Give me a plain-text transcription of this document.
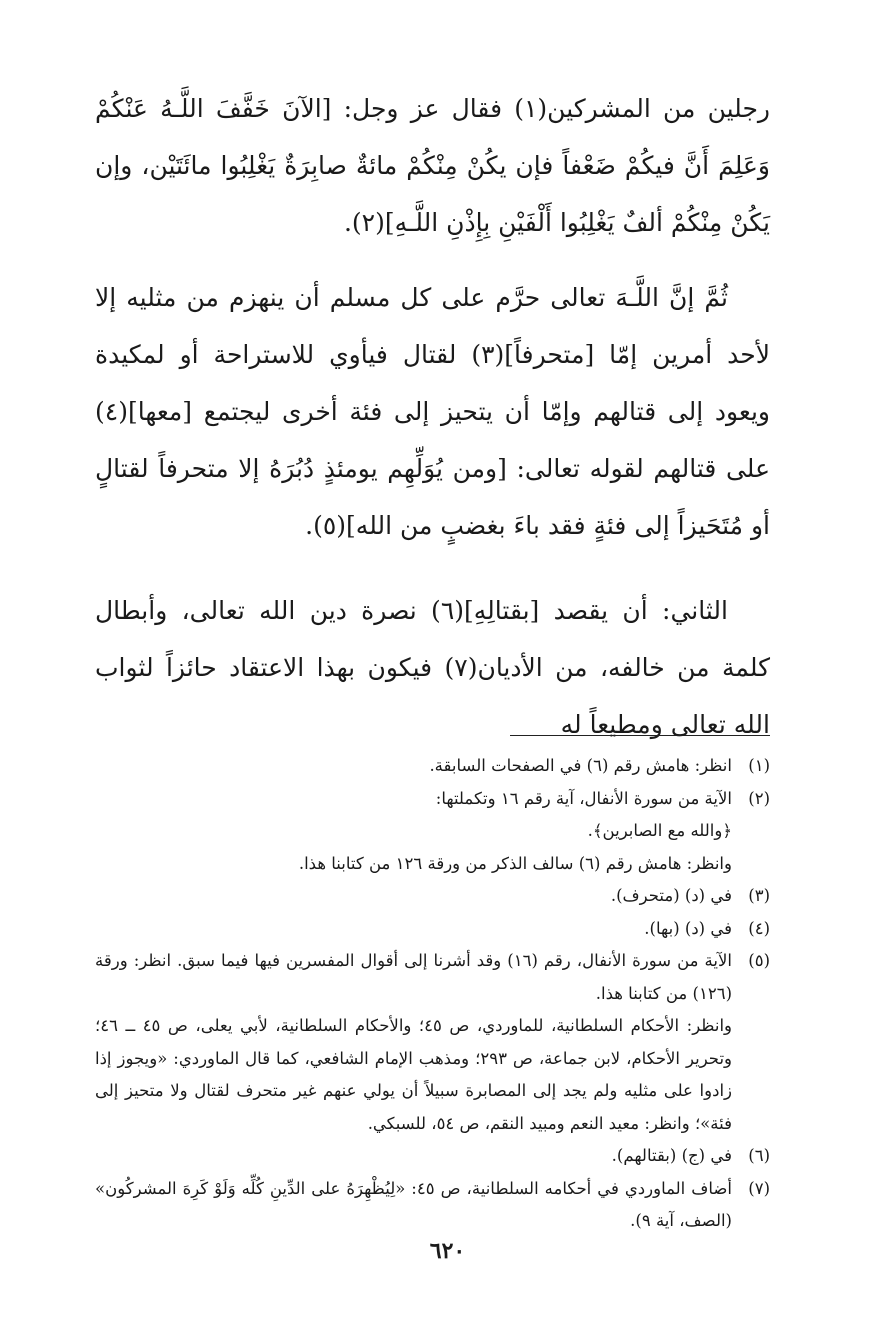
رجلين من المشركين(١) فقال عز وجل: [الآنَ خَفَّفَ اللَّـهُ عَنْكُمْ وَعَلِمَ أَنَّ فيكُمْ ضَعْفاً فإن يكُنْ مِنْكُمْ مائةٌ صابِرَةٌ يَغْلِبُوا مائَتَيْن، وإن يَكُنْ مِنْكُمْ ألفٌ يَغْلِبُوا أَلْفَيْنِ بِإِذْنِ اللَّـهِ](٢).

ثُمَّ إنَّ اللَّـهَ تعالى حرَّم على كل مسلم أن ينهزم من مثليه إلا لأحد أمرين إمّا [متحرفاً](٣) لقتال فيأوي للاستراحة أو لمكيدة ويعود إلى قتالهم وإمّا أن يتحيز إلى فئة أخرى ليجتمع [معها](٤) على قتالهم لقوله تعالى: [ومن يُوَلِّهِم يومئذٍ دُبُرَهُ إلا متحرفاً لقتالٍ أو مُتَحَيزاً إلى فئةٍ فقد باءَ بغضبٍ من الله](٥).

الثاني: أن يقصد [بقتالِهِ](٦) نصرة دين الله تعالى، وأبطال كلمة من خالفه، من الأديان(٧) فيكون بهذا الاعتقاد حائزاً لثواب الله تعالى ومطيعاً له

(١)
انظر: هامش رقم (٦) في الصفحات السابقة.
(٢)
الآية من سورة الأنفال، آية رقم ١٦ وتكملتها:
﴿والله مع الصابرين﴾.
وانظر: هامش رقم (٦) سالف الذكر من ورقة ١٢٦ من كتابنا هذا.
(٣)
في (د) (متحرف).
(٤)
في (د) (بها).
(٥)
الآية من سورة الأنفال، رقم (١٦) وقد أشرنا إلى أقوال المفسرين فيها فيما سبق. انظر: ورقة (١٢٦) من كتابنا هذا.
وانظر: الأحكام السلطانية، للماوردي، ص ٤٥؛ والأحكام السلطانية، لأبي يعلى، ص ٤٥ ــ ٤٦؛ وتحرير الأحكام، لابن جماعة، ص ٢٩٣؛ ومذهب الإمام الشافعي، كما قال الماوردي: «ويجوز إذا زادوا على مثليه ولم يجد إلى المصابرة سبيلاً أن يولي عنهم غير متحرف لقتال ولا متحيز إلى فئة»؛ وانظر: معيد النعم ومبيد النقم، ص ٥٤، للسبكي.
(٦)
في (ج) (بقتالهم).
(٧)
أضاف الماوردي في أحكامه السلطانية، ص ٤٥: «لِيُظْهِرَهُ على الدِّينِ كُلِّه وَلَوْ كَرِهَ المشركُون» (الصف، آية ٩).
٦٢٠
